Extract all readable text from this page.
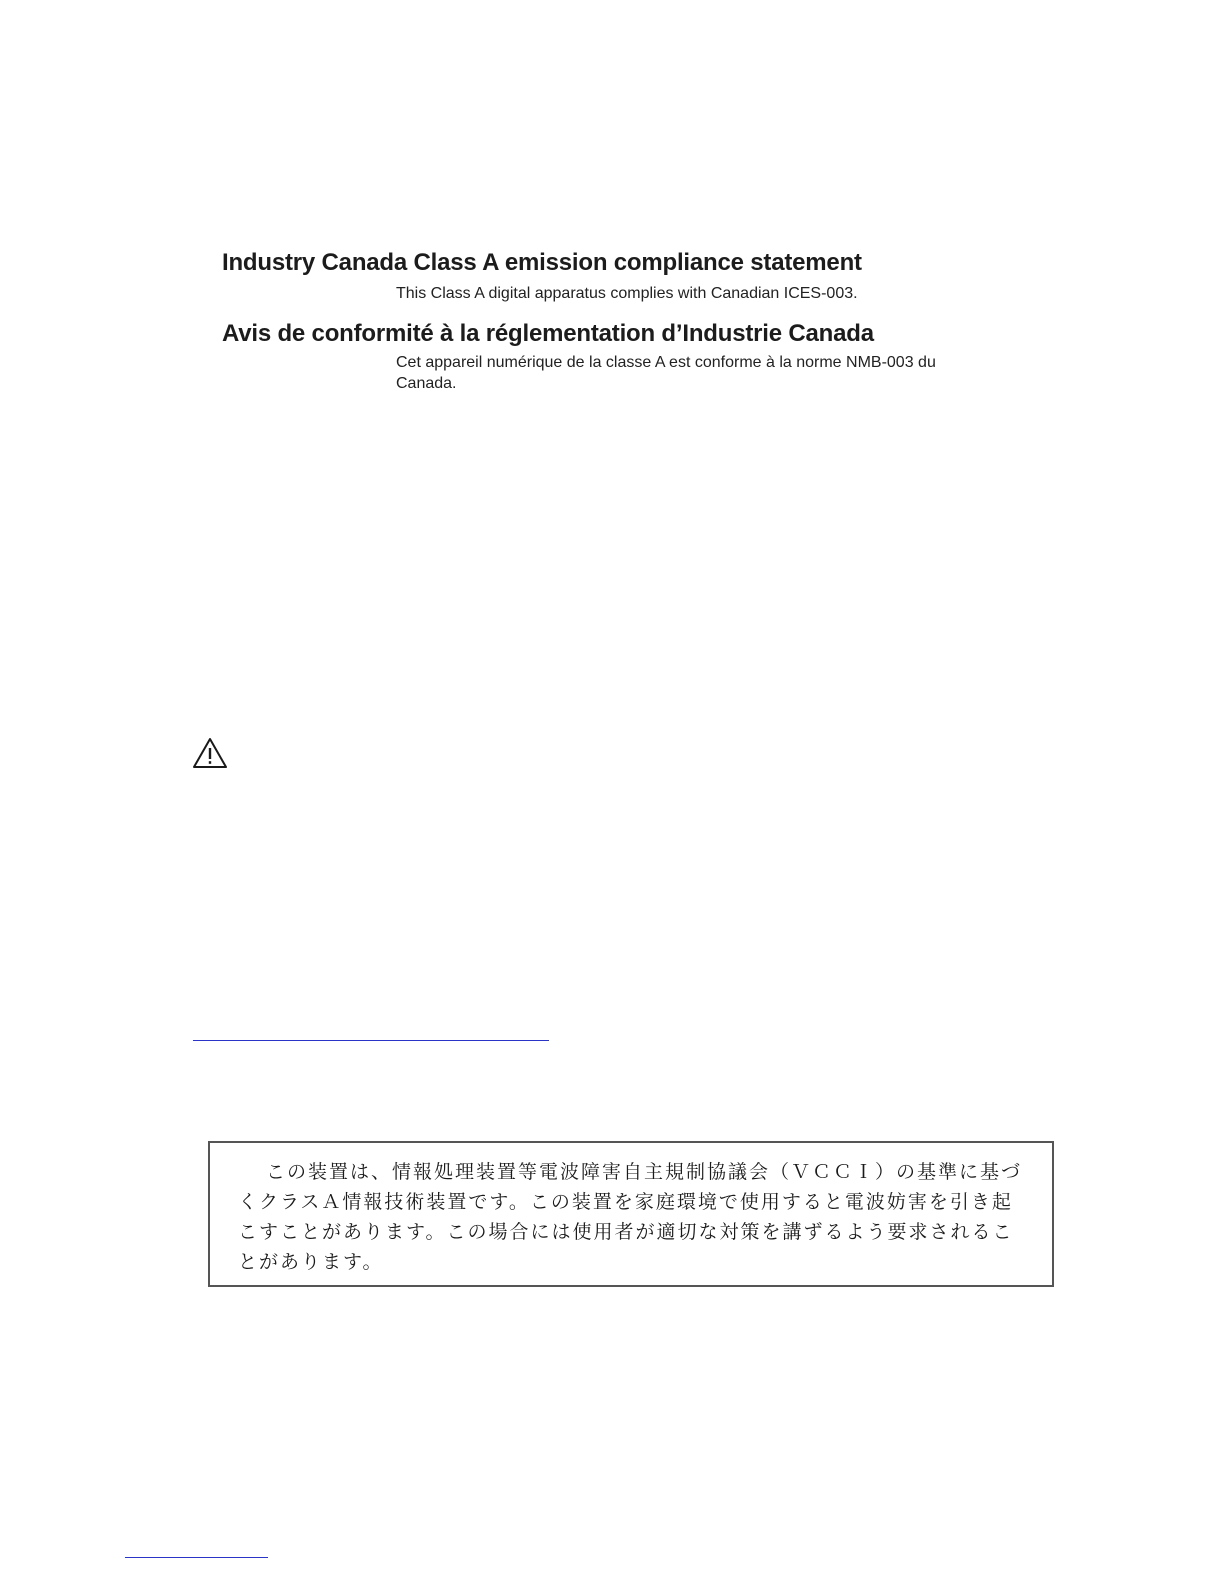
Industry Canada Class A emission compliance statement
This Class A digital apparatus complies with Canadian ICES-003.
Avis de conformité à la réglementation d’Industrie Canada
Cet appareil numérique de la classe A est conforme à la norme NMB-003 du Canada.
この装置は、情報処理装置等電波障害自主規制協議会（ＶＣＣＩ）の基準に基づくクラスＡ情報技術装置です。この装置を家庭環境で使用すると電波妨害を引き起こすことがあります。この場合には使用者が適切な対策を講ずるよう要求されることがあります。
